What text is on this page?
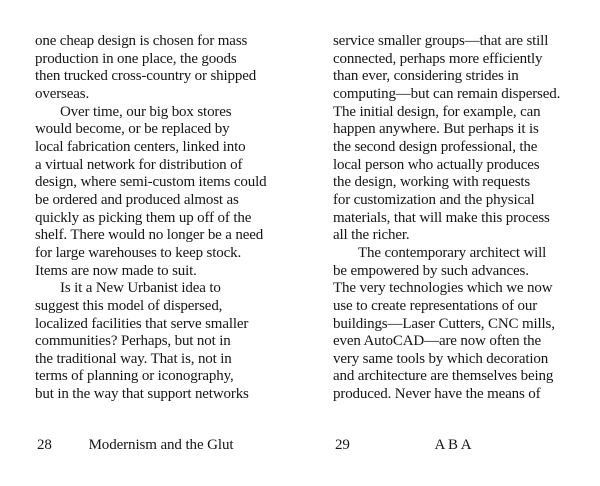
one cheap design is chosen for mass
production in one place, the goods
then trucked cross-country or shipped
overseas.
Over time, our big box stores
would become, or be replaced by
local fabrication centers, linked into
a virtual network for distribution of
design, where semi-custom items could
be ordered and produced almost as
quickly as picking them up off of the
shelf. There would no longer be a need
for large warehouses to keep stock.
Items are now made to suit.
Is it a New Urbanist idea to
suggest this model of dispersed,
localized facilities that serve smaller
communities? Perhaps, but not in
the traditional way. That is, not in
terms of planning or iconography,
but in the way that support networks
28	Modernism and the Glut
service smaller groups—that are still
connected, perhaps more efficiently
than ever, considering strides in
computing—but can remain dispersed.
The initial design, for example, can
happen anywhere. But perhaps it is
the second design professional, the
local person who actually produces
the design, working with requests
for customization and the physical
materials, that will make this process
all the richer.
The contemporary architect will
be empowered by such advances.
The very technologies which we now
use to create representations of our
buildings—Laser Cutters, CNC mills,
even AutoCAD—are now often the
very same tools by which decoration
and architecture are themselves being
produced. Never have the means of
29	A B A
